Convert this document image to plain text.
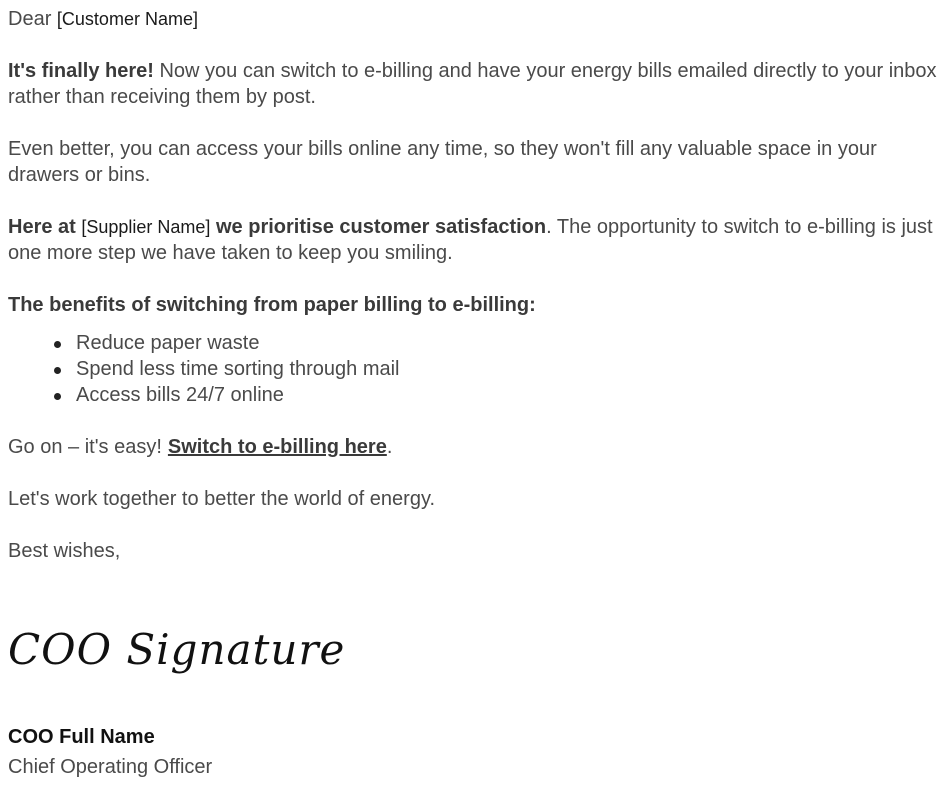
Dear [Customer Name]

It's finally here! Now you can switch to e-billing and have your energy bills emailed directly to your inbox rather than receiving them by post.

Even better, you can access your bills online any time, so they won't fill any valuable space in your drawers or bins.

Here at [Supplier Name] we prioritise customer satisfaction. The opportunity to switch to e-billing is just one more step we have taken to keep you smiling.

The benefits of switching from paper billing to e-billing:

Reduce paper waste
Spend less time sorting through mail
Access bills 24/7 online

Go on – it's easy! Switch to e-billing here.

Let's work together to better the world of energy.

Best wishes,

COO Signature
COO Full Name
Chief Operating Officer
